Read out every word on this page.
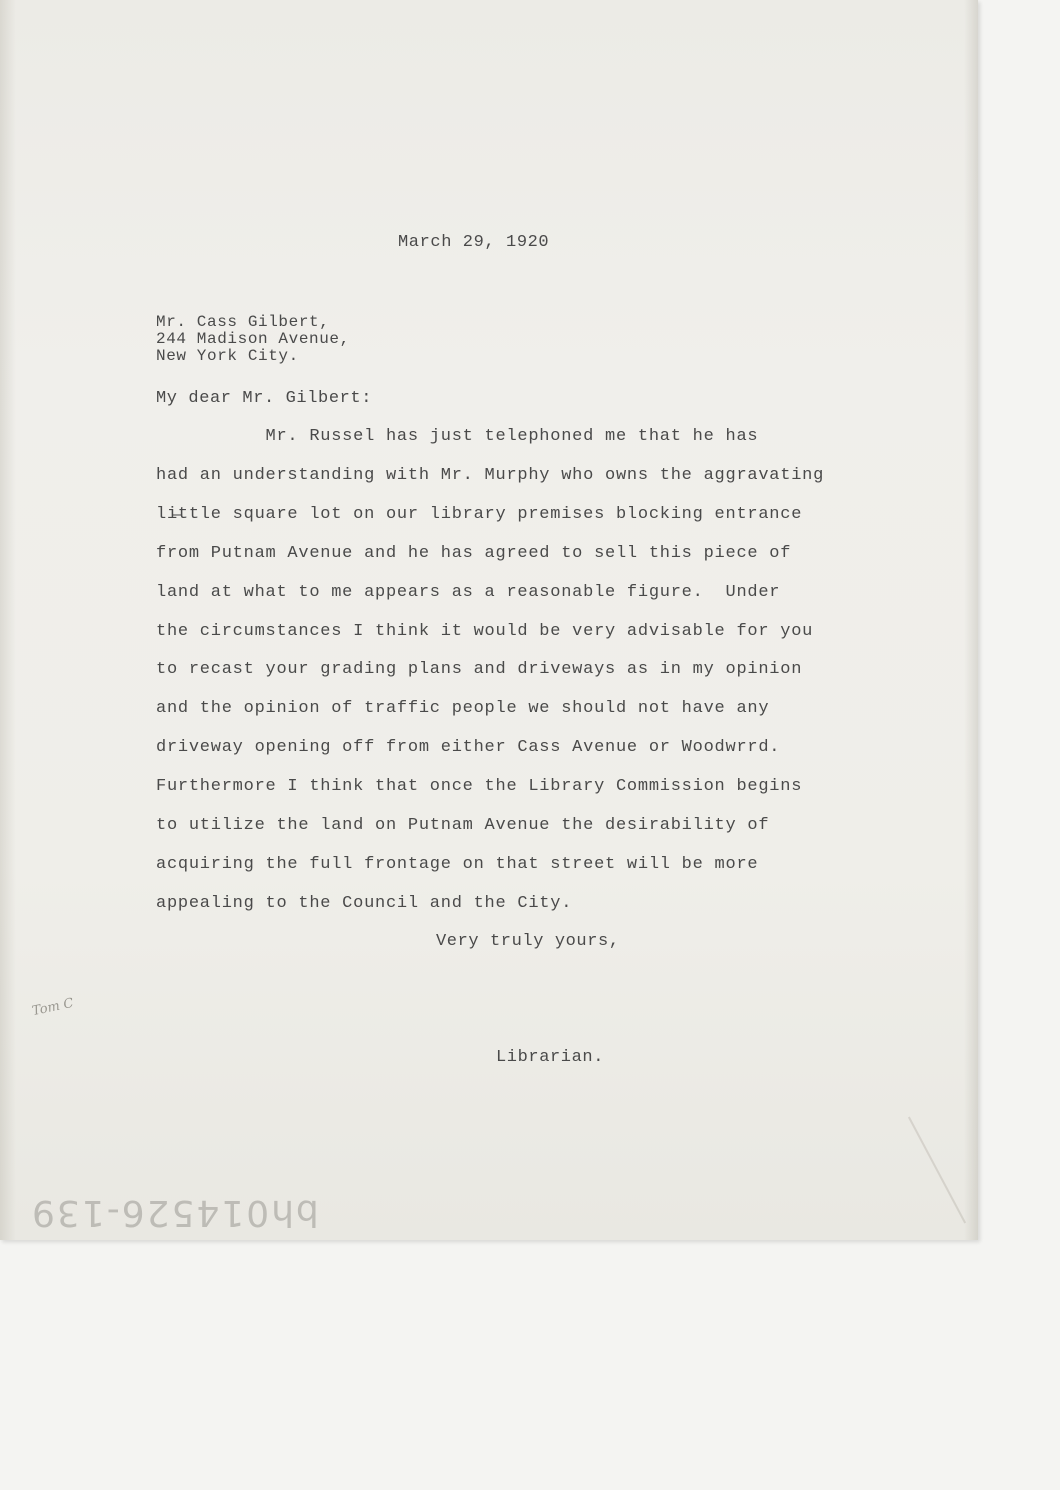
March 29, 1920
Mr. Cass Gilbert,
244 Madison Avenue,
New York City.
My dear Mr. Gilbert:
Mr. Russel has just telephoned me that he has
had an understanding with Mr. Murphy who owns the aggravating
li̶ttle square lot on our library premises blocking entrance
from Putnam Avenue and he has agreed to sell this piece of
land at what to me appears as a reasonable figure.  Under
the circumstances I think it would be very advisable for you
to recast your grading plans and driveways as in my opinion
and the opinion of traffic people we should not have any
driveway opening off from either Cass Avenue or Woodwrrd.
Furthermore I think that once the Library Commission begins
to utilize the land on Putnam Avenue the desirability of
acquiring the full frontage on that street will be more
appealing to the Council and the City.
Very truly yours,
Librarian.
Tom C
bh014526-139
